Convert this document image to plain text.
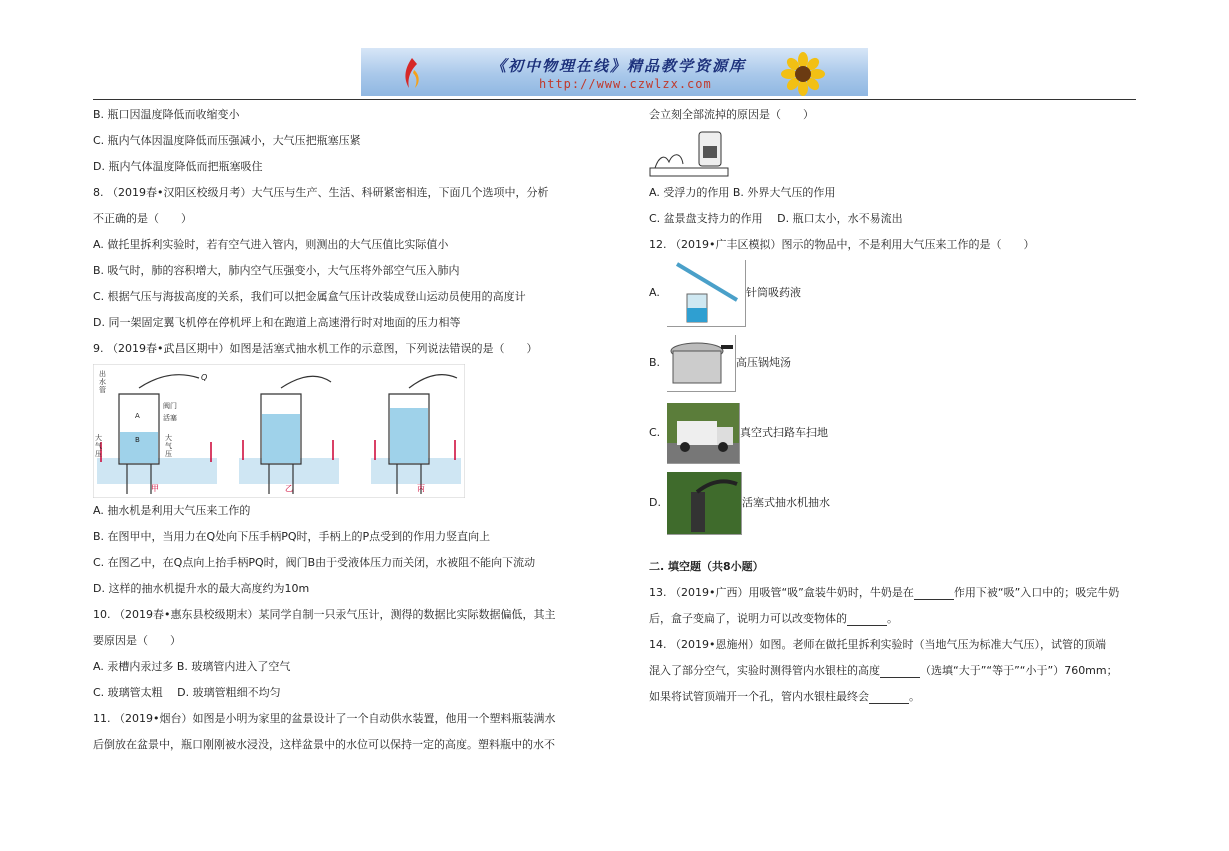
《初中物理在线》精品教学资源库
http://www.czwlzx.com
B. 瓶口因温度降低而收缩变小
C. 瓶内气体因温度降低而压强减小，大气压把瓶塞压紧
D. 瓶内气体温度降低而把瓶塞吸住
8. （2019春•汉阳区校级月考）大气压与生产、生活、科研紧密相连，下面几个选项中，分析
不正确的是（　　）
A. 做托里拆利实验时，若有空气进入管内，则测出的大气压值比实际值小
B. 吸气时，肺的容积增大，肺内空气压强变小，大气压将外部空气压入肺内
C. 根据气压与海拔高度的关系，我们可以把金属盒气压计改装成登山运动员使用的高度计
D. 同一架固定翼飞机停在停机坪上和在跑道上高速滑行时对地面的压力相等
9. （2019春•武昌区期中）如图是活塞式抽水机工作的示意图，下列说法错误的是（　　）
出水管
阀门
活塞
大气压
大气压
A
B
Q
甲	乙	丙
A. 抽水机是利用大气压来工作的
B. 在图甲中，当用力在Q处向下压手柄PQ时，手柄上的P点受到的作用力竖直向上
C. 在图乙中，在Q点向上抬手柄PQ时，阀门B由于受液体压力而关闭，水被阻不能向下流动
D. 这样的抽水机提升水的最大高度约为10m
10. （2019春•惠东县校级期末）某同学自制一只汞气压计，测得的数据比实际数据偏低，其主
要原因是（　　）
A. 汞槽内汞过多 B. 玻璃管内进入了空气
C. 玻璃管太粗　 D. 玻璃管粗细不均匀
11. （2019•烟台）如图是小明为家里的盆景设计了一个自动供水装置，他用一个塑料瓶装满水
后倒放在盆景中，瓶口刚刚被水浸没，这样盆景中的水位可以保持一定的高度。塑料瓶中的水不
会立刻全部流掉的原因是（　　）
A. 受浮力的作用 B. 外界大气压的作用
C. 盆景盘支持力的作用　 D. 瓶口太小，水不易流出
12. （2019•广丰区模拟）图示的物品中，不是利用大气压来工作的是（　　）
A.	针筒吸药液
B.	高压锅炖汤
C.	真空式扫路车扫地
D.	活塞式抽水机抽水
二. 填空题（共8小题）
13. （2019•广西）用吸管“吸”盒装牛奶时，牛奶是在	作用下被“吸”入口中的；吸完牛奶
后，盒子变扁了，说明力可以改变物体的	。
14. （2019•恩施州）如图。老师在做托里拆利实验时（当地气压为标准大气压），试管的顶端
混入了部分空气，实验时测得管内水银柱的高度	（选填“大于”“等于”“小于”）760mm；
如果将试管顶端开一个孔，管内水银柱最终会	。
